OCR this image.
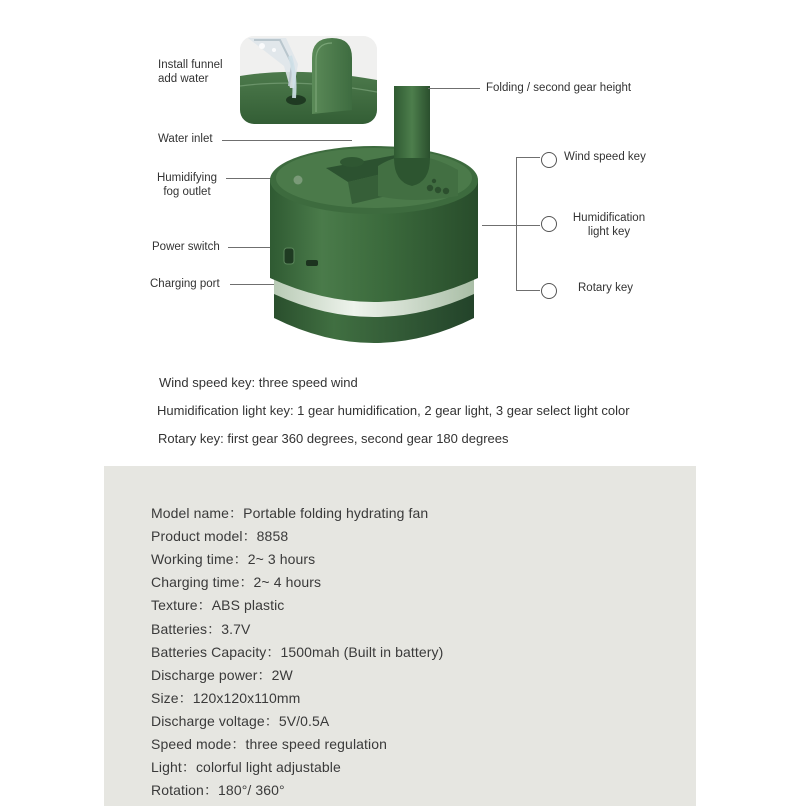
Install funnel
add water
Water inlet
Humidifying
fog outlet
Power switch
Charging port
Folding / second gear height
Wind speed key
Humidification
light key
Rotary key
Wind speed key: three speed wind
Humidification light key: 1 gear humidification, 2 gear light, 3 gear select light color
Rotary key: first gear 360 degrees, second gear 180 degrees
Model name：Portable folding hydrating fan
Product model：8858
Working time：2~ 3 hours
Charging time：2~ 4 hours
Texture：ABS plastic
Batteries：3.7V
Batteries Capacity：1500mah (Built in battery)
Discharge power：2W
Size：120x120x110mm
Discharge voltage：5V/0.5A
Speed mode：three speed regulation
Light：colorful light adjustable
Rotation：180°/ 360°
